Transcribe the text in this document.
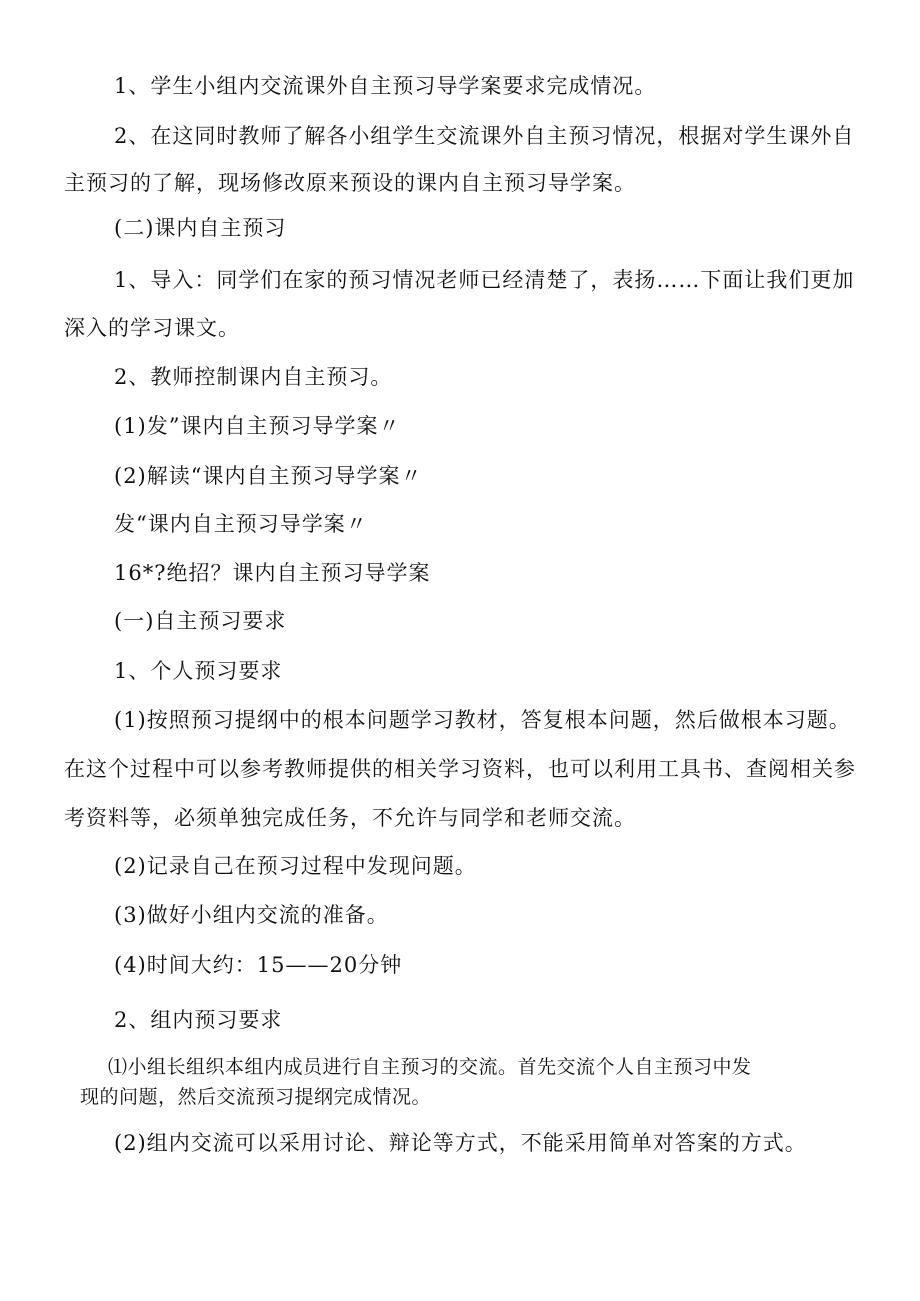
1、学生小组内交流课外自主预习导学案要求完成情况。
2、在这同时教师了解各小组学生交流课外自主预习情况，根据对学生课外自
主预习的了解，现场修改原来预设的课内自主预习导学案。
(二)课内自主预习
1、导入：同学们在家的预习情况老师已经清楚了，表扬……下面让我们更加
深入的学习课文。
2、教师控制课内自主预习。
(1)发”课内自主预习导学案〃
(2)解读“课内自主预习导学案〃
发“课内自主预习导学案〃
16*?绝招？课内自主预习导学案
(一)自主预习要求
1、个人预习要求
(1)按照预习提纲中的根本问题学习教材，答复根本问题，然后做根本习题。
在这个过程中可以参考教师提供的相关学习资料，也可以利用工具书、查阅相关参
考资料等，必须单独完成任务，不允许与同学和老师交流。
(2)记录自己在预习过程中发现问题。
(3)做好小组内交流的准备。
(4)时间大约：15——20分钟
2、组内预习要求
⑴小组长组织本组内成员进行自主预习的交流。首先交流个人自主预习中发
现的问题，然后交流预习提纲完成情况。
(2)组内交流可以采用讨论、辩论等方式，不能采用简单对答案的方式。
